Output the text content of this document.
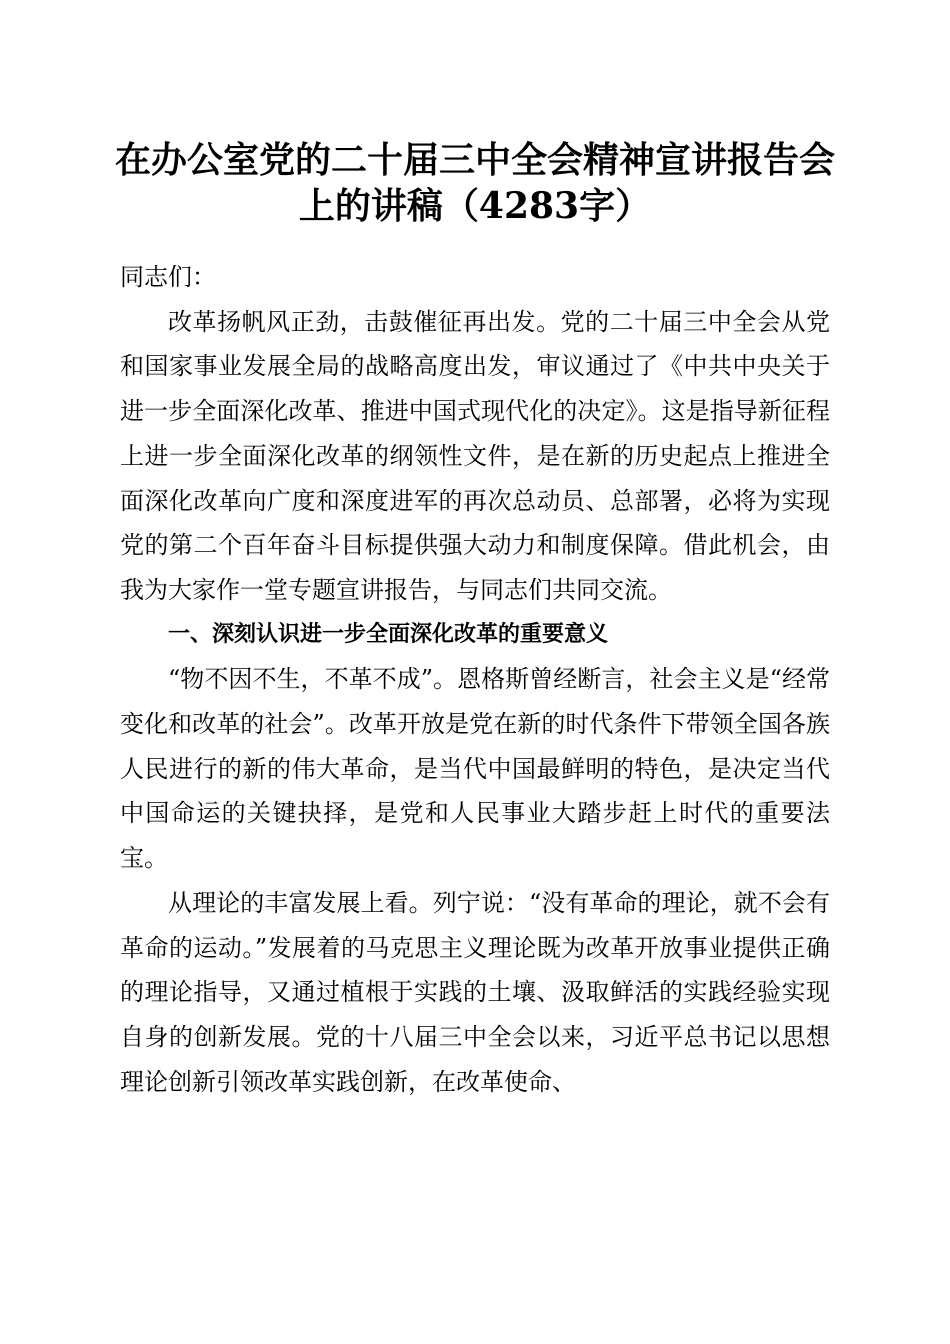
在办公室党的二十届三中全会精神宣讲报告会
上的讲稿（4283字）

同志们：

改革扬帆风正劲，击鼓催征再出发。党的二十届三中全会从党和国家事业发展全局的战略高度出发，审议通过了《中共中央关于进一步全面深化改革、推进中国式现代化的决定》。这是指导新征程上进一步全面深化改革的纲领性文件，是在新的历史起点上推进全面深化改革向广度和深度进军的再次总动员、总部署，必将为实现党的第二个百年奋斗目标提供强大动力和制度保障。借此机会，由我为大家作一堂专题宣讲报告，与同志们共同交流。

一、深刻认识进一步全面深化改革的重要意义

“物不因不生，不革不成”。恩格斯曾经断言，社会主义是“经常变化和改革的社会”。改革开放是党在新的时代条件下带领全国各族人民进行的新的伟大革命，是当代中国最鲜明的特色，是决定当代中国命运的关键抉择，是党和人民事业大踏步赶上时代的重要法宝。

从理论的丰富发展上看。列宁说：“没有革命的理论，就不会有革命的运动。”发展着的马克思主义理论既为改革开放事业提供正确的理论指导，又通过植根于实践的土壤、汲取鲜活的实践经验实现自身的创新发展。党的十八届三中全会以来，习近平总书记以思想理论创新引领改革实践创新，在改革使命、
